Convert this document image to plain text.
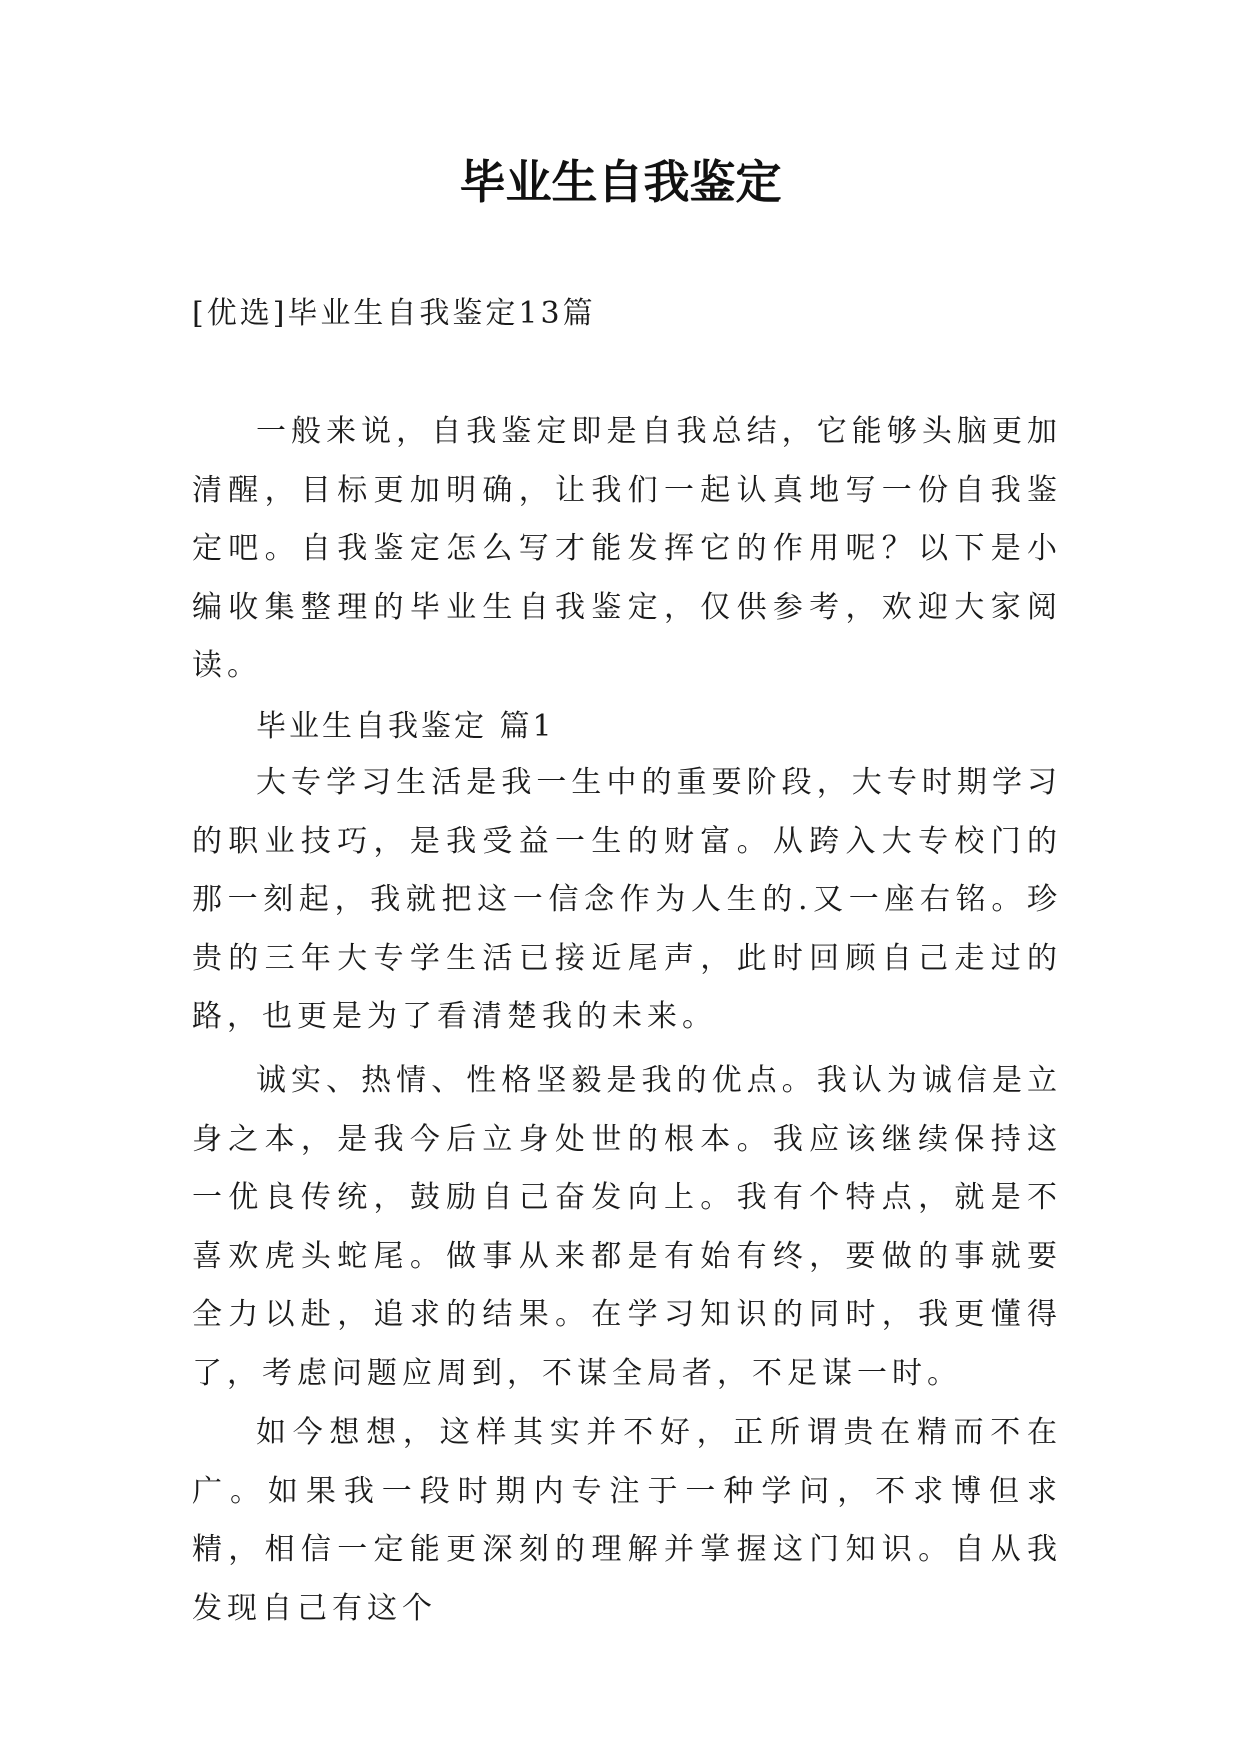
毕业生自我鉴定

[优选]毕业生自我鉴定13篇

一般来说，自我鉴定即是自我总结，它能够头脑更加清醒，目标更加明确，让我们一起认真地写一份自我鉴定吧。自我鉴定怎么写才能发挥它的作用呢？以下是小编收集整理的毕业生自我鉴定，仅供参考，欢迎大家阅读。

毕业生自我鉴定 篇1

大专学习生活是我一生中的重要阶段，大专时期学习的职业技巧，是我受益一生的财富。从跨入大专校门的那一刻起，我就把这一信念作为人生的.又一座右铭。珍贵的三年大专学生活已接近尾声，此时回顾自己走过的路，也更是为了看清楚我的未来。

诚实、热情、性格坚毅是我的优点。我认为诚信是立身之本，是我今后立身处世的根本。我应该继续保持这一优良传统，鼓励自己奋发向上。我有个特点，就是不喜欢虎头蛇尾。做事从来都是有始有终，要做的事就要全力以赴，追求的结果。在学习知识的同时，我更懂得了，考虑问题应周到，不谋全局者，不足谋一时。

如今想想，这样其实并不好，正所谓贵在精而不在广。如果我一段时期内专注于一种学问，不求博但求精，相信一定能更深刻的理解并掌握这门知识。自从我发现自己有这个
